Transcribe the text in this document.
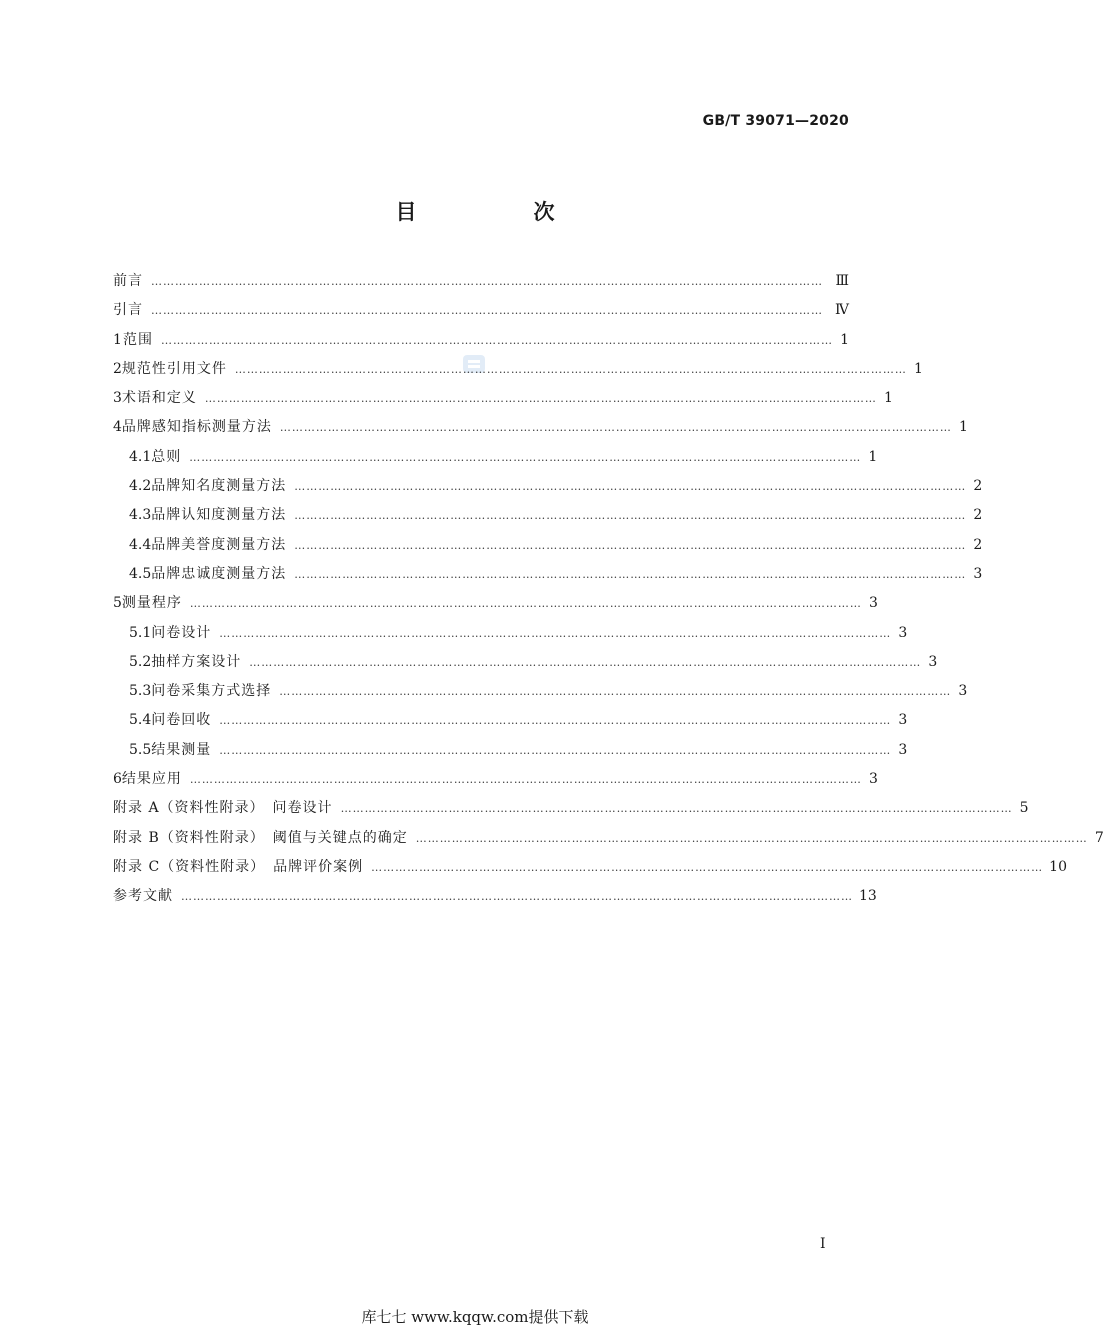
GB/T 39071—2020
目　次
前言 …………………………………………………………………………………………………………………………………………………… Ⅲ
引言 …………………………………………………………………………………………………………………………………………………… Ⅳ
1 范围 …………………………………………………………………………………………………………………………………………………… 1
2 规范性引用文件 …………………………………………………………………………………………………………………………………………………… 1
3 术语和定义 …………………………………………………………………………………………………………………………………………………… 1
4 品牌感知指标测量方法 …………………………………………………………………………………………………………………………………………………… 1
4.1 总则 …………………………………………………………………………………………………………………………………………………… 1
4.2 品牌知名度测量方法 …………………………………………………………………………………………………………………………………………………… 2
4.3 品牌认知度测量方法 …………………………………………………………………………………………………………………………………………………… 2
4.4 品牌美誉度测量方法 …………………………………………………………………………………………………………………………………………………… 2
4.5 品牌忠诚度测量方法 …………………………………………………………………………………………………………………………………………………… 3
5 测量程序 …………………………………………………………………………………………………………………………………………………… 3
5.1 问卷设计 …………………………………………………………………………………………………………………………………………………… 3
5.2 抽样方案设计 …………………………………………………………………………………………………………………………………………………… 3
5.3 问卷采集方式选择 …………………………………………………………………………………………………………………………………………………… 3
5.4 问卷回收 …………………………………………………………………………………………………………………………………………………… 3
5.5 结果测量 …………………………………………………………………………………………………………………………………………………… 3
6 结果应用 …………………………………………………………………………………………………………………………………………………… 3
附录 A（资料性附录）　问卷设计 …………………………………………………………………………………………………………………………………………………… 5
附录 B（资料性附录）　阈值与关键点的确定 …………………………………………………………………………………………………………………………………………………… 7
附录 C（资料性附录）　品牌评价案例 …………………………………………………………………………………………………………………………………………………… 10
参考文献 …………………………………………………………………………………………………………………………………………………… 13
I
库七七 www.kqqw.com提供下载
